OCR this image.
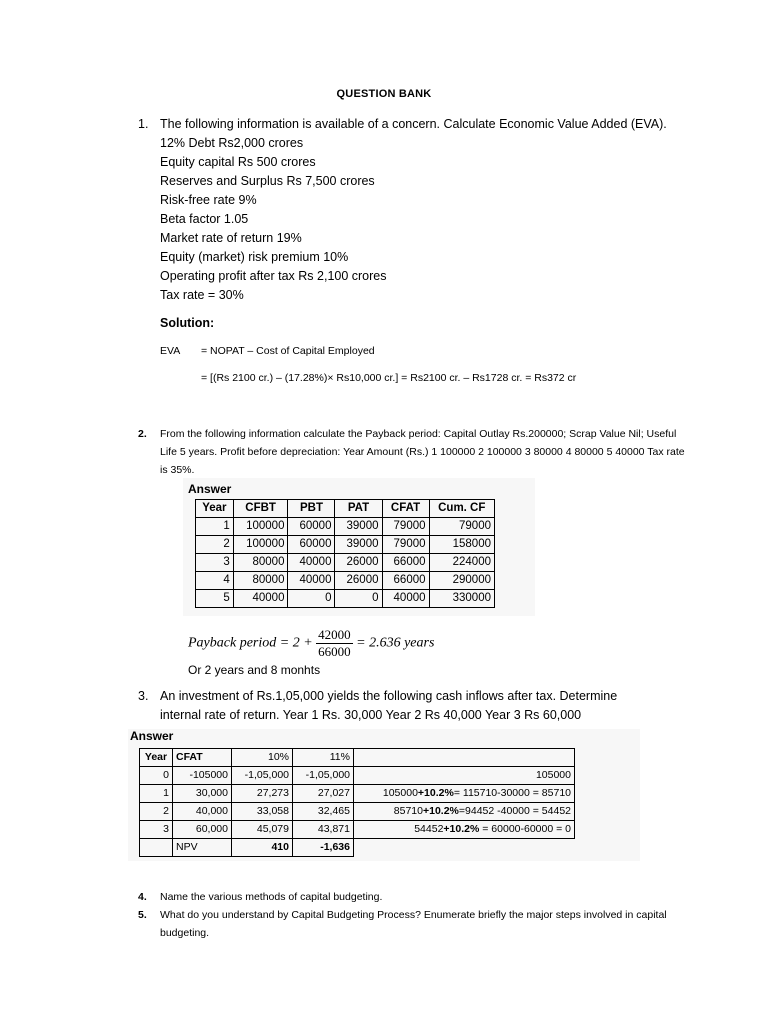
QUESTION BANK
1. The following information is available of a concern. Calculate Economic Value Added (EVA).
12% Debt Rs2,000 crores
Equity capital Rs 500 crores
Reserves and Surplus Rs 7,500 crores
Risk-free rate 9%
Beta factor 1.05
Market rate of return 19%
Equity (market) risk premium 10%
Operating profit after tax Rs 2,100 crores
Tax rate = 30%
Solution:
EVA = NOPAT – Cost of Capital Employed
= [(Rs 2100 cr.) – (17.28%)× Rs10,000 cr.] = Rs2100 cr. – Rs1728 cr. = Rs372 cr
2. From the following information calculate the Payback period: Capital Outlay Rs.200000; Scrap Value Nil; Useful Life 5 years. Profit before depreciation: Year Amount (Rs.) 1 100000 2 100000 3 80000 4 80000 5 40000 Tax rate is 35%.
Answer
Year	CFBT	PBT	PAT	CFAT	Cum. CF
1	100000	60000	39000	79000	79000
2	100000	60000	39000	79000	158000
3	80000	40000	26000	66000	224000
4	80000	40000	26000	66000	290000
5	40000	0	0	40000	330000
Payback period = $2 + \frac{42000}{66000} = 2.636$ years
Or 2 years and 8 monhts
3. An investment of Rs.1,05,000 yields the following cash inflows after tax. Determine internal rate of return. Year 1 Rs. 30,000 Year 2 Rs 40,000 Year 3 Rs 60,000
Answer
Year	CFAT	10%	11%	
0	-105000	-1,05,000	-1,05,000	105000
1	30,000	27,273	27,027	105000+10.2%= 115710-30000 = 85710
2	40,000	33,058	32,465	85710+10.2%=94452 -40000 = 54452
3	60,000	45,079	43,871	54452+10.2% = 60000-60000 = 0
	NPV	410	-1,636	
4. Name the various methods of capital budgeting.
5. What do you understand by Capital Budgeting Process? Enumerate briefly the major steps involved in capital budgeting.
